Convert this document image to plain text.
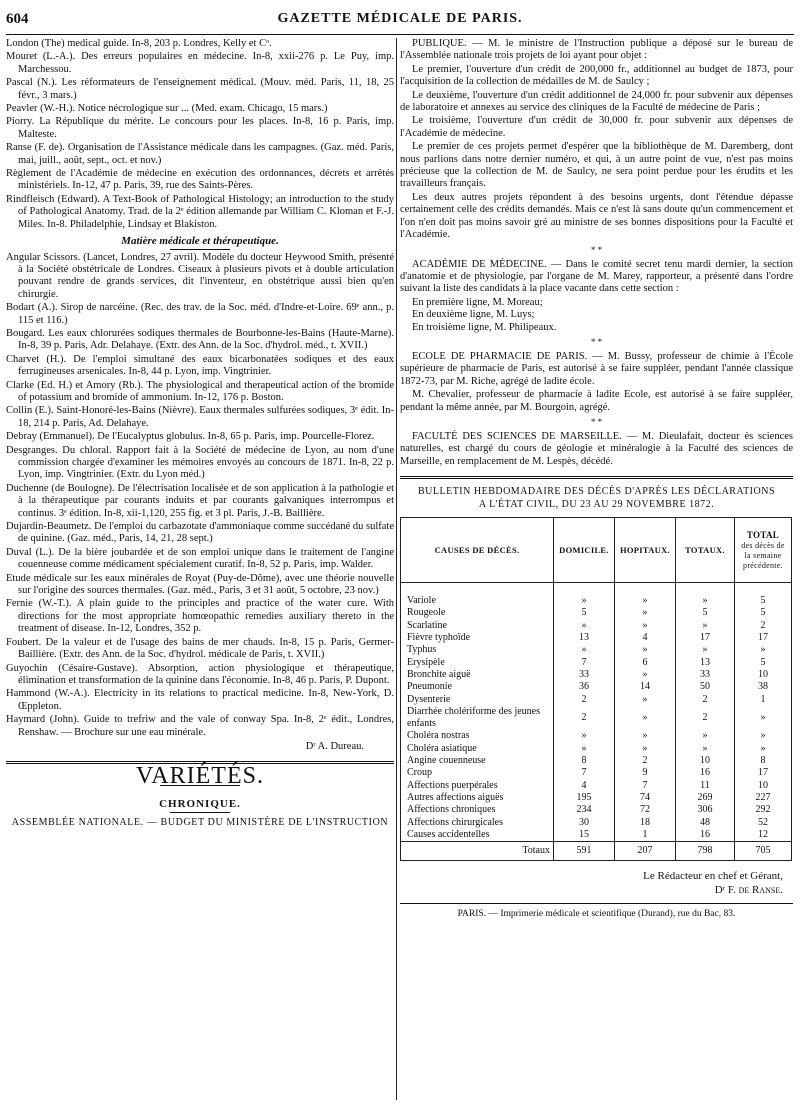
604	GAZETTE MÉDICALE DE PARIS.
London (The) medical guide. In-8, 203 p. Londres, Kelly et Cᵒ.
Mouret (L.-A.). Des erreurs populaires en médecine. In-8, xxii-276 p. Le Puy, imp. Marchessou.
Pascal (N.). Les réformateurs de l'enseignement médical. (Mouv. méd. Paris, 11, 18, 25 févr., 3 mars.)
Peavler (W.-H.). Notice nécrologique sur ... (Med. exam. Chicago, 15 mars.)
Piorry. La République du mérite. Le concours pour les places. In-8, 16 p. Paris, imp. Malteste.
Ranse (F. de). Organisation de l'Assistance médicale dans les campagnes. (Gaz. méd. Paris, mai, juill., août, sept., oct. et nov.)
Règlement de l'Académie de médecine en exécution des ordonnances, décrets et arrêtés ministériels. In-12, 47 p. Paris, 39, rue des Saints-Pères.
Rindfleisch (Edward). A Text-Book of Pathological Histology; an introduction to the study of Pathological Anatomy. Trad. de la 2ᵉ édition allemande par William C. Kloman et F.-J. Miles. In-8. Philadelphie, Lindsay et Blakiston.
Matière médicale et thérapeutique.
Angular Scissors. (Lancet, Londres, 27 avril). Modèle du docteur Heywood Smith, présenté à la Société obstétricale de Londres. Ciseaux à plusieurs pivots et à double articulation pouvant rendre de grands services, dit l'inventeur, en obstétrique aussi bien qu'en chirurgie.
Bodart (A.). Sirop de narcéine. (Rec. des trav. de la Soc. méd. d'Indre-et-Loire. 69ᵉ ann., p. 115 et 116.)
Bougard. Les eaux chlorurées sodiques thermales de Bourbonne-les-Bains (Haute-Marne). In-8, 39 p. Paris, Adr. Delahaye. (Extr. des Ann. de la Soc. d'hydrol. méd., t. XVII.)
Charvet (H.). De l'emploi simultané des eaux bicarbonatées sodiques et des eaux ferrugineuses arsenicales. In-8, 44 p. Lyon, imp. Vingtrinier.
Clarke (Ed. H.) et Amory (Rb.). The physiological and therapeutical action of the bromide of potassium and bromide of ammonium. In-12, 176 p. Boston.
Collin (E.). Saint-Honoré-les-Bains (Nièvre). Eaux thermales sulfurées sodiques, 3ᵉ édit. In-18, 214 p. Paris, Ad. Delahaye.
Debray (Emmanuel). De l'Eucalyptus globulus. In-8, 65 p. Paris, imp. Pourcelle-Florez.
Desgranges. Du chloral. Rapport fait à la Société de médecine de Lyon, au nom d'une commission chargée d'examiner les mémoires envoyés au concours de 1871. In-8, 22 p. Lyon, imp. Vingtrinier. (Extr. du Lyon méd.)
Duchenne (de Boulogne). De l'électrisation localisée et de son application à la pathologie et à la thérapeutique par courants induits et par courants galvaniques interrompus et continus. 3ᵉ édition. In-8, xii-1,120, 255 fig. et 3 pl. Paris, J.-B. Baillière.
Dujardin-Beaumetz. De l'emploi du carbazotate d'ammoniaque comme succédané du sulfate de quinine. (Gaz. méd., Paris, 14, 21, 28 sept.)
Duval (L.). De la bière joubardée et de son emploi unique dans le traitement de l'angine couenneuse comme médicament spécialement curatif. In-8, 52 p. Paris, imp. Walder.
Etude médicale sur les eaux minérales de Royat (Puy-de-Dôme), avec une théorie nouvelle sur l'origine des sources thermales. (Gaz. méd., Paris, 3 et 31 août, 5 octobre, 23 nov.)
Fernie (W.-T.). A plain guide to the principles and practice of the water cure. With directions for the most appropriate homœopathic remedies auxiliary thereto in the treatment of disease. In-12, Londres, 352 p.
Foubert. De la valeur et de l'usage des bains de mer chauds. In-8, 15 p. Paris, Germer-Baillière. (Extr. des Ann. de la Soc. d'hydrol. médicale de Paris, t. XVII.)
Guyochin (Césaire-Gustave). Absorption, action physiologique et thérapeutique, élimination et transformation de la quinine dans l'économie. In-8, 46 p. Paris, P. Dupont.
Hammond (W.-A.). Electricity in its relations to practical medicine. In-8, New-York, D. Œppleton.
Haymard (John). Guide to trefriw and the vale of conway Spa. In-8, 2ᵉ édit., Londres, Renshaw. — Brochure sur une eau minérale.
Dʳ A. Dureau.
VARIÉTÉS.
CHRONIQUE.
ASSEMBLÉE NATIONALE. — BUDGET DU MINISTÈRE DE L'INSTRUCTION
PUBLIQUE. — M. le ministre de l'Instruction publique a déposé sur le bureau de l'Assemblée nationale trois projets de loi ayant pour objet :
Le premier, l'ouverture d'un crédit de 200,000 fr., additionnel au budget de 1873, pour l'acquisition de la collection de médailles de M. de Saulcy ;
Le deuxième, l'ouverture d'un crédit additionnel de 24,000 fr. pour subvenir aux dépenses de laboratoire et annexes au service des cliniques de la Faculté de médecine de Paris ;
Le troisième, l'ouverture d'un crédit de 30,000 fr. pour subvenir aux dépenses de l'Académie de médecine.
Le premier de ces projets permet d'espérer que la bibliothèque de M. Daremberg, dont nous parlions dans notre dernier numéro, et qui, à un autre point de vue, n'est pas moins précieuse que la collection de M. de Saulcy, ne sera point perdue pour les érudits et les travailleurs français.
Les deux autres projets répondent à des besoins urgents, dont l'étendue dépasse certainement celle des crédits demandés. Mais ce n'est là sans doute qu'un commencement et l'on n'en doit pas moins savoir gré au ministre de ses bonnes dispositions pour la Faculté et l'Académie.
* *
ACADÉMIE DE MÉDECINE. — Dans le comité secret tenu mardi dernier, la section d'anatomie et de physiologie, par l'organe de M. Marey, rapporteur, a présenté dans l'ordre suivant la liste des candidats à la place vacante dans cette section :
En première ligne, M. Moreau;
En deuxième ligne, M. Luys;
En troisième ligne, M. Philipeaux.
* *
ECOLE DE PHARMACIE DE PARIS. — M. Bussy, professeur de chimie à l'École supérieure de pharmacie de Paris, est autorisé à se faire suppléer, pendant l'année classique 1872-73, par M. Riche, agrégé de ladite école.
M. Chevalier, professeur de pharmacie à ladite Ecole, est autorisé à se faire suppléer, pendant la même année, par M. Bourgoin, agrégé.
* *
FACULTÉ DES SCIENCES DE MARSEILLE. — M. Dieulafait, docteur ès sciences naturelles, est chargé du cours de géologie et minéralogie à la Faculté des sciences de Marseille, en remplacement de M. Lespès, décédé.
BULLETIN HEBDOMADAIRE DES DÉCÈS D'APRÈS LES DÉCLARATIONS
A L'ÉTAT CIVIL, DU 23 AU 29 NOVEMBRE 1872.
CAUSES DE DÉCÈS.	DOMICILE.	HOPITAUX.	TOTAUX.	TOTAL
des décès de la semaine précédente.
Variole	»	»	»	5
Rougeole	5	»	5	5
Scarlatine	»	»	»	2
Fièvre typhoïde	13	4	17	17
Typhus	»	»	»	»
Erysipèle	7	6	13	5
Bronchite aiguë	33	»	33	10
Pneumonie	36	14	50	38
Dysenterie	2	»	2	1
Diarrhée cholériforme des jeunes enfants	2	»	2	»
Choléra nostras	»	»	»	»
Choléra asiatique	»	»	»	»
Angine couenneuse	8	2	10	8
Croup	7	9	16	17
Affections puerpérales	4	7	11	10
Autres affections aiguës	195	74	269	227
Affections chroniques	234	72	306	292
Affections chirurgicales	30	18	48	52
Causes accidentelles	15	1	16	12
Totaux	591	207	798	705
Le Rédacteur en chef et Gérant,
Dʳ F. de Ranse.
PARIS. — Imprimerie médicale et scientifique (Durand), rue du Bac, 83.
